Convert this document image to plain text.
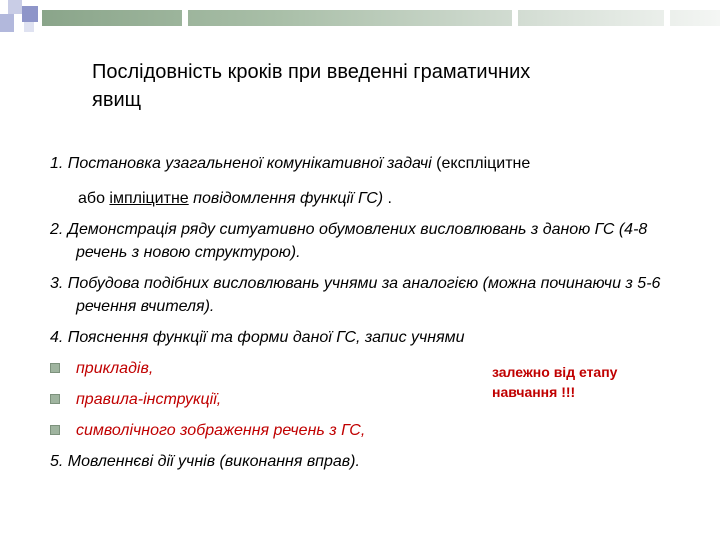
Послідовність кроків при введенні граматичних явищ
1. Постановка узагальненої комунікативної задачі (експліцитне
або імпліцитне повідомлення функції ГС) .
2. Демонстрація ряду ситуативно обумовлених висловлювань з даною ГС (4-8 речень з новою структурою).
3. Побудова подібних висловлювань учнями за аналогією (можна починаючи з 5-6 речення вчителя).
4. Пояснення функції та форми даної ГС, запис учнями
прикладів,
правила-інструкції,
символічного зображення речень з ГС,
5. Мовленнєві дії учнів (виконання вправ).
залежно від етапу
навчання !!!
